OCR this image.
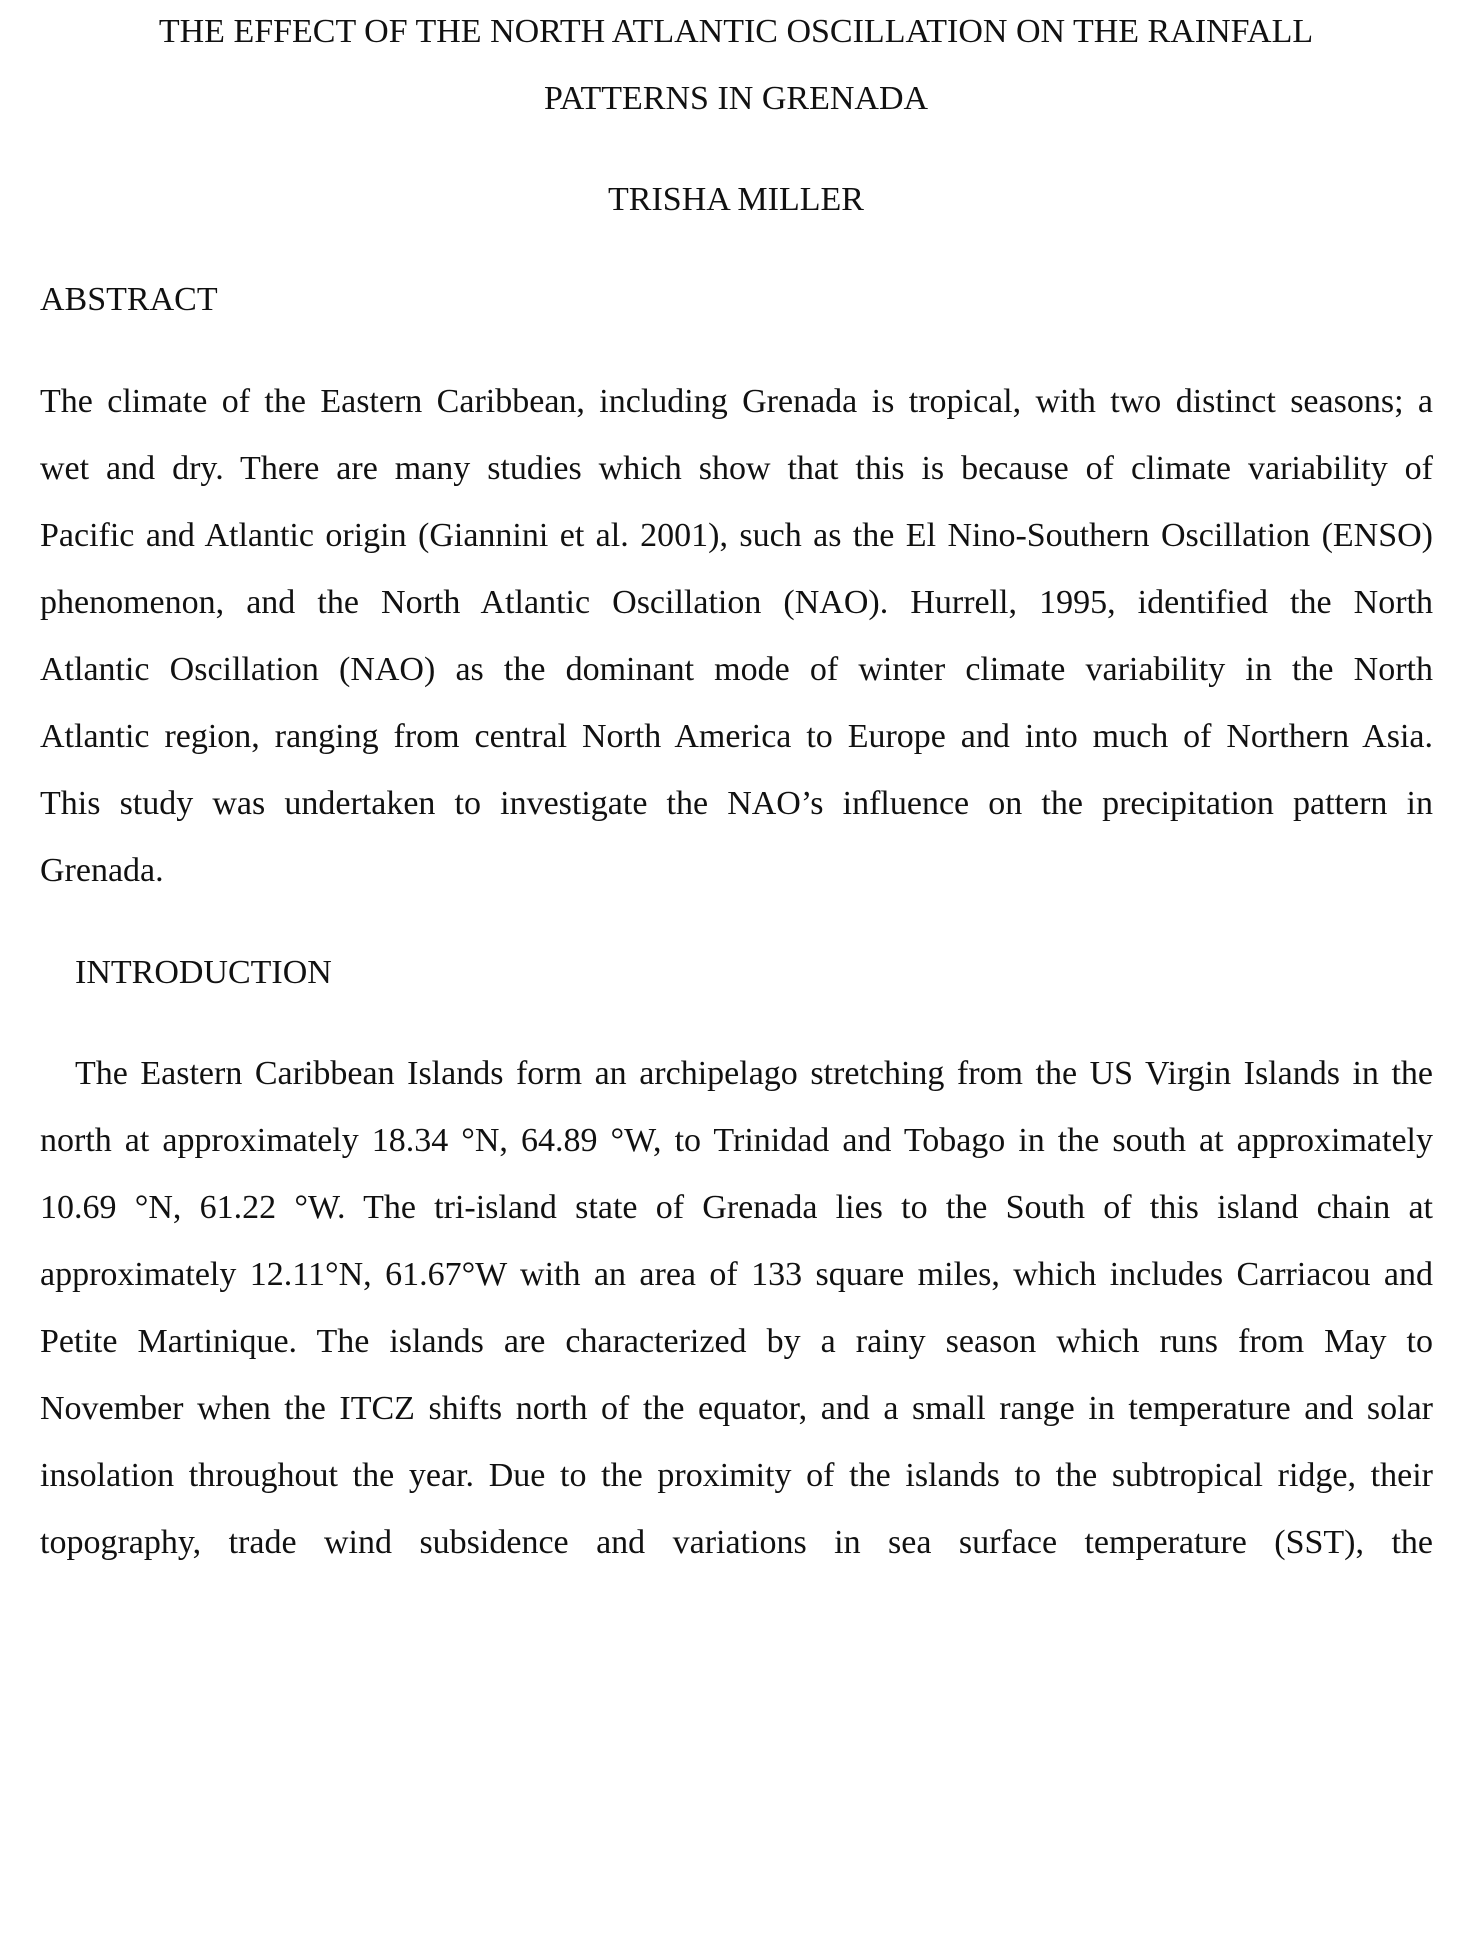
THE EFFECT OF THE NORTH ATLANTIC OSCILLATION ON THE RAINFALL
PATTERNS IN GRENADA
TRISHA MILLER
ABSTRACT
The climate of the Eastern Caribbean, including Grenada is tropical, with two distinct seasons; a
wet and dry. There are many studies which show that this is because of climate variability of
Pacific and Atlantic origin (Giannini et al. 2001), such as the El Nino-Southern Oscillation (ENSO)
phenomenon, and the North Atlantic Oscillation (NAO). Hurrell, 1995, identified the North
Atlantic Oscillation (NAO) as the dominant mode of winter climate variability in the North
Atlantic region, ranging from central North America to Europe and into much of Northern Asia.
This study was undertaken to investigate the NAO’s influence on the precipitation pattern in
Grenada.
INTRODUCTION
The Eastern Caribbean Islands form an archipelago stretching from the US Virgin Islands in the
north at approximately 18.34 °N, 64.89 °W, to Trinidad and Tobago in the south at approximately
10.69 °N, 61.22 °W. The tri-island state of Grenada lies to the South of this island chain at
approximately 12.11°N, 61.67°W with an area of 133 square miles, which includes Carriacou and
Petite Martinique. The islands are characterized by a rainy season which runs from May to
November when the ITCZ shifts north of the equator, and a small range in temperature and solar
insolation throughout the year. Due to the proximity of the islands to the subtropical ridge, their
topography, trade wind subsidence and variations in sea surface temperature (SST), the
